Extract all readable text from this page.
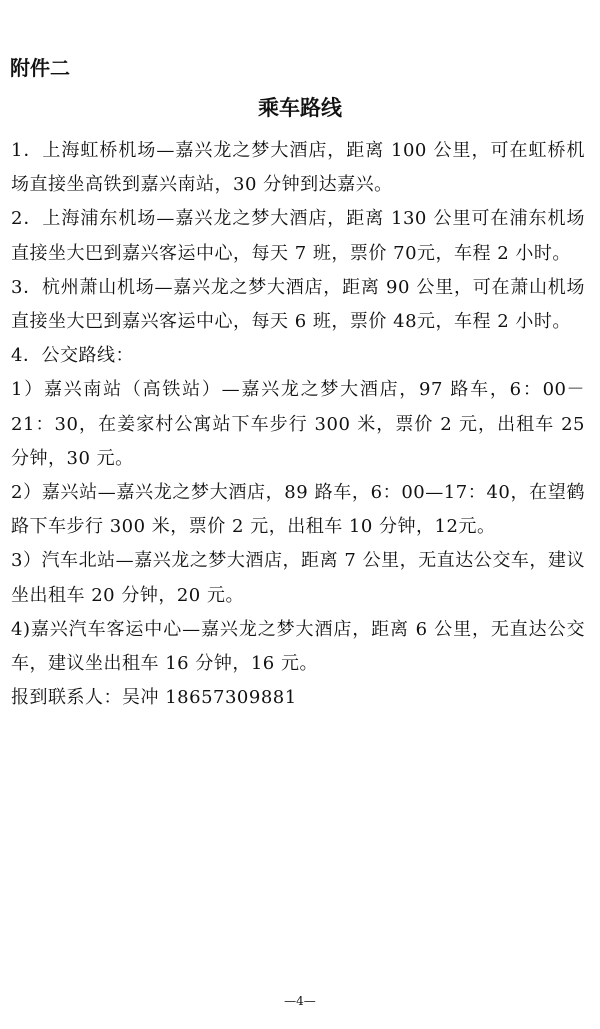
附件二
乘车路线

1．上海虹桥机场—嘉兴龙之梦大酒店，距离 100 公里，可在虹桥机场直接坐高铁到嘉兴南站，30 分钟到达嘉兴。

2．上海浦东机场—嘉兴龙之梦大酒店，距离 130 公里可在浦东机场直接坐大巴到嘉兴客运中心，每天 7 班，票价 70元，车程 2 小时。

3．杭州萧山机场—嘉兴龙之梦大酒店，距离 90 公里，可在萧山机场直接坐大巴到嘉兴客运中心，每天 6 班，票价 48元，车程 2 小时。

4．公交路线：

1）嘉兴南站（高铁站）—嘉兴龙之梦大酒店，97 路车，6：00－21：30，在姜家村公寓站下车步行 300 米，票价 2 元，出租车 25 分钟，30 元。

2）嘉兴站—嘉兴龙之梦大酒店，89 路车，6：00—17：40，在望鹤路下车步行 300 米，票价 2 元，出租车 10 分钟，12元。

3）汽车北站—嘉兴龙之梦大酒店，距离 7 公里，无直达公交车，建议坐出租车 20 分钟，20 元。

4)嘉兴汽车客运中心—嘉兴龙之梦大酒店，距离 6 公里，无直达公交车，建议坐出租车 16 分钟，16 元。

报到联系人：吴冲 18657309881

—4—
